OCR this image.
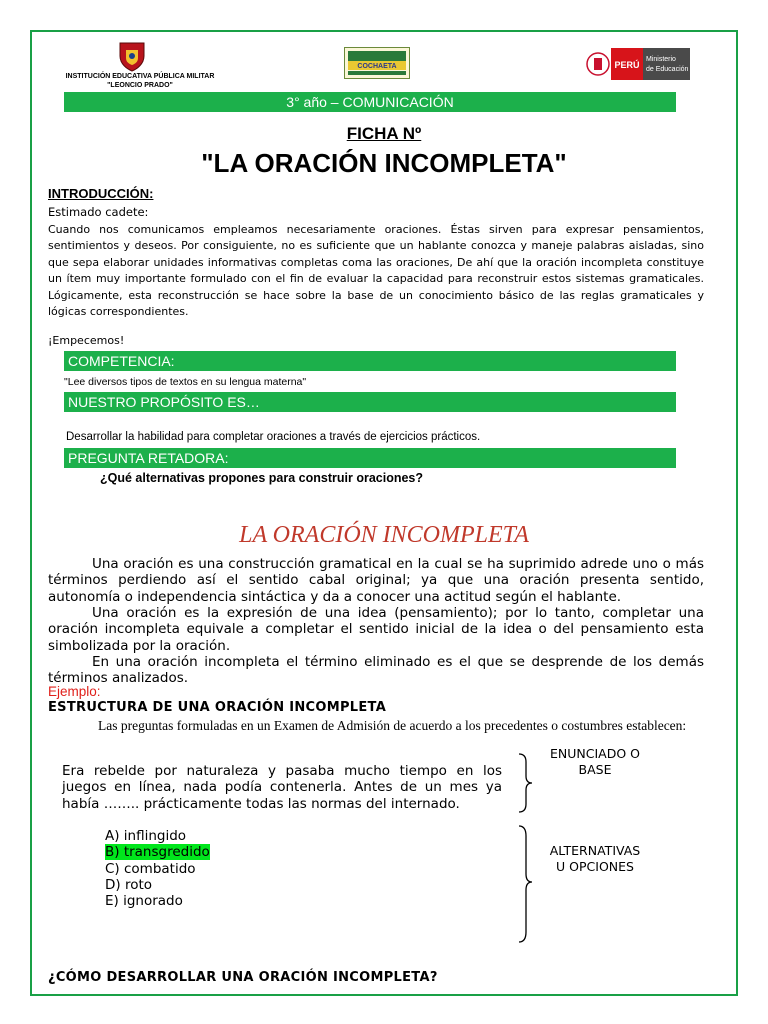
INSTITUCIÓN EDUCATIVA PÚBLICA MILITAR
"LEONCIO PRADO"
COCHAETA	PERÚ
Ministerio
de Educación
3° año – COMUNICACIÓN
FICHA Nº
"LA ORACIÓN INCOMPLETA"
INTRODUCCIÓN:
Estimado cadete:
Cuando nos comunicamos empleamos necesariamente oraciones. Éstas sirven para expresar pensamientos, sentimientos y deseos. Por consiguiente, no es suficiente que un hablante conozca y maneje palabras aisladas, sino que sepa elaborar unidades informativas completas coma las oraciones, De ahí que la oración incompleta constituye un ítem muy importante formulado con el fin de evaluar la capacidad para reconstruir estos sistemas gramaticales. Lógicamente, esta reconstrucción se hace sobre la base de un conocimiento básico de las reglas gramaticales y lógicas correspondientes.
¡Empecemos!
COMPETENCIA:
"Lee diversos tipos de textos en su lengua materna"
NUESTRO PROPÓSITO ES…
Desarrollar la habilidad para completar oraciones a través de ejercicios prácticos.
PREGUNTA RETADORA:
¿Qué alternativas propones para construir oraciones?
LA ORACIÓN INCOMPLETA
Una oración es una construcción gramatical en la cual se ha suprimido adrede uno o más términos perdiendo así el sentido cabal original; ya que una oración presenta sentido, autonomía o independencia sintáctica y da a conocer una actitud según el hablante.
Una oración es la expresión de una idea (pensamiento); por lo tanto, completar una oración incompleta equivale a completar el sentido inicial de la idea o del pensamiento esta simbolizada por la oración.
En una oración incompleta el término eliminado es el que se desprende de los demás términos analizados.
Ejemplo:
ESTRUCTURA DE UNA ORACIÓN INCOMPLETA
Las preguntas formuladas en un Examen de Admisión de acuerdo a los precedentes o costumbres establecen:
Era rebelde por naturaleza y pasaba mucho tiempo en los juegos en línea, nada podía contenerla. Antes de un mes ya había …….. prácticamente todas las normas del internado.
A) inflingido
B) transgredido
C) combatido
D) roto
E) ignorado
ENUNCIADO O
BASE
ALTERNATIVAS
U OPCIONES
¿CÓMO DESARROLLAR UNA ORACIÓN INCOMPLETA?
